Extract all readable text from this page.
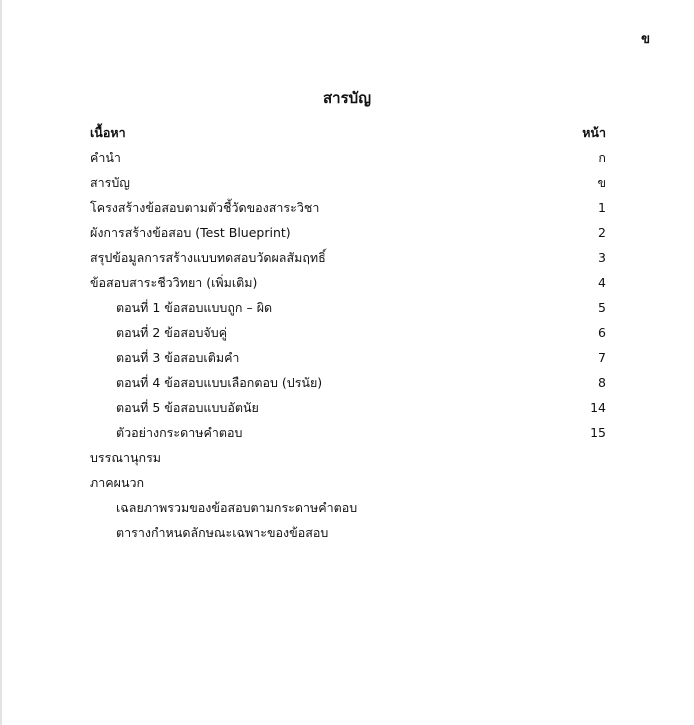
ข
สารบัญ
เนื้อหา	หน้า
คำนำ	ก
สารบัญ	ข
โครงสร้างข้อสอบตามตัวชี้วัดของสาระวิชา	1
ผังการสร้างข้อสอบ (Test Blueprint)	2
สรุปข้อมูลการสร้างแบบทดสอบวัดผลสัมฤทธิ์	3
ข้อสอบสาระชีววิทยา (เพิ่มเติม)	4
ตอนที่ 1 ข้อสอบแบบถูก – ผิด	5
ตอนที่ 2 ข้อสอบจับคู่	6
ตอนที่ 3 ข้อสอบเติมคำ	7
ตอนที่ 4 ข้อสอบแบบเลือกตอบ (ปรนัย)	8
ตอนที่ 5 ข้อสอบแบบอัตนัย	14
ตัวอย่างกระดาษคำตอบ	15
บรรณานุกรม
ภาคผนวก
เฉลยภาพรวมของข้อสอบตามกระดาษคำตอบ
ตารางกำหนดลักษณะเฉพาะของข้อสอบ
